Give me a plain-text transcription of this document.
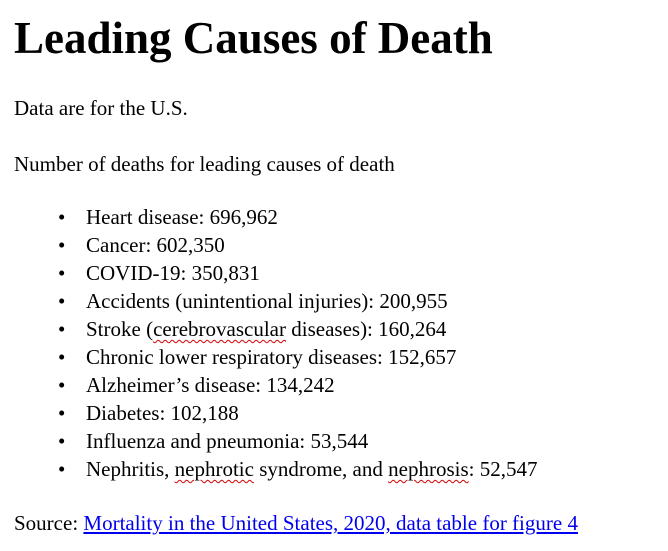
Leading Causes of Death

Data are for the U.S.

Number of deaths for leading causes of death

• Heart disease: 696,962
• Cancer: 602,350
• COVID-19: 350,831
• Accidents (unintentional injuries): 200,955
• Stroke (cerebrovascular diseases): 160,264
• Chronic lower respiratory diseases: 152,657
• Alzheimer’s disease: 134,242
• Diabetes: 102,188
• Influenza and pneumonia: 53,544
• Nephritis, nephrotic syndrome, and nephrosis: 52,547

Source: Mortality in the United States, 2020, data table for figure 4
